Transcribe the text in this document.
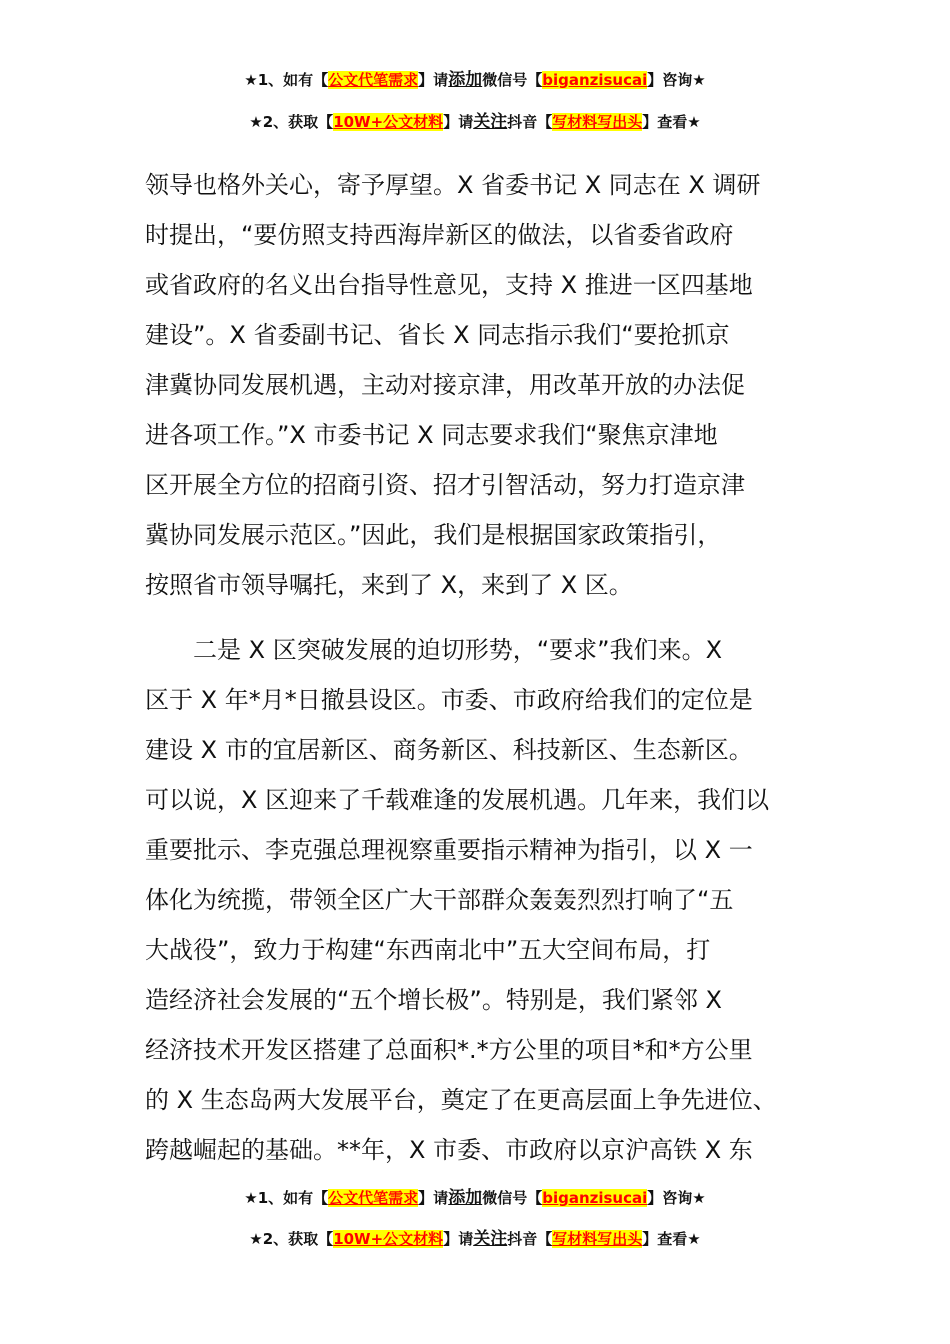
★1、如有【公文代笔需求】请添加微信号【biganzisucai】咨询★
★2、获取【10W+公文材料】请关注抖音【写材料写出头】查看★
领导也格外关心，寄予厚望。X 省委书记 X 同志在 X 调研
时提出，“要仿照支持西海岸新区的做法，以省委省政府
或省政府的名义出台指导性意见，支持 X 推进一区四基地
建设”。X 省委副书记、省长 X 同志指示我们“要抢抓京
津冀协同发展机遇，主动对接京津，用改革开放的办法促
进各项工作。”X 市委书记 X 同志要求我们“聚焦京津地
区开展全方位的招商引资、招才引智活动，努力打造京津
冀协同发展示范区。”因此，我们是根据国家政策指引，
按照省市领导嘱托，来到了 X，来到了 X 区。
二是 X 区突破发展的迫切形势，“要求”我们来。X
区于 X 年*月*日撤县设区。市委、市政府给我们的定位是
建设 X 市的宜居新区、商务新区、科技新区、生态新区。
可以说，X 区迎来了千载难逢的发展机遇。几年来，我们以
重要批示、李克强总理视察重要指示精神为指引，以 X 一
体化为统揽，带领全区广大干部群众轰轰烈烈打响了“五
大战役”，致力于构建“东西南北中”五大空间布局，打
造经济社会发展的“五个增长极”。特别是，我们紧邻 X
经济技术开发区搭建了总面积*.*方公里的项目*和*方公里
的 X 生态岛两大发展平台，奠定了在更高层面上争先进位、
跨越崛起的基础。**年，X 市委、市政府以京沪高铁 X 东
★1、如有【公文代笔需求】请添加微信号【biganzisucai】咨询★
★2、获取【10W+公文材料】请关注抖音【写材料写出头】查看★
